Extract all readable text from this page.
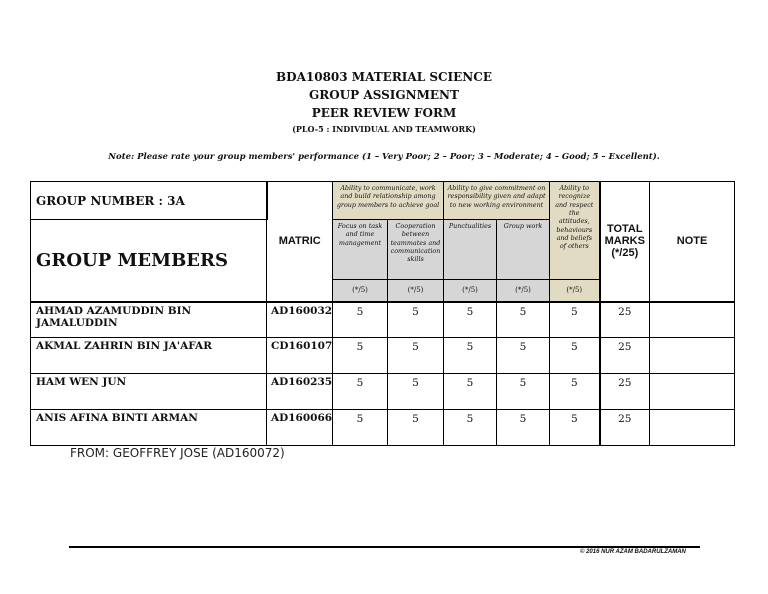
BDA10803 MATERIAL SCIENCE
GROUP ASSIGNMENT
PEER REVIEW FORM
(PLO-5 : INDIVIDUAL AND TEAMWORK)
Note: Please rate your group members' performance (1 – Very Poor; 2 – Poor; 3 – Moderate; 4 – Good; 5 – Excellent).
GROUP NUMBER : 3A	MATRIC	Ability to communicate, work and build relationship among group members to achieve goal		Ability to give commitment on responsibility given and adapt to new working environment		Ability to recognize and respect the attitudes, behaviours and beliefs of others	TOTAL MARKS (*/25)	NOTE
GROUP MEMBERS		Focus on task and time management	Cooperation between teammates and communication skills	Punctualities	Group work			
		(*/5)	(*/5)	(*/5)	(*/5)	(*/5)		
AHMAD AZAMUDDIN BIN JAMALUDDIN	AD160032	5	5	5	5	5	25	
AKMAL ZAHRIN BIN JA'AFAR	CD160107	5	5	5	5	5	25	
HAM WEN JUN	AD160235	5	5	5	5	5	25	
ANIS AFINA BINTI ARMAN	AD160066	5	5	5	5	5	25	
FROM: GEOFFREY JOSE (AD160072)
© 2016 NUR AZAM BADARULZAMAN
